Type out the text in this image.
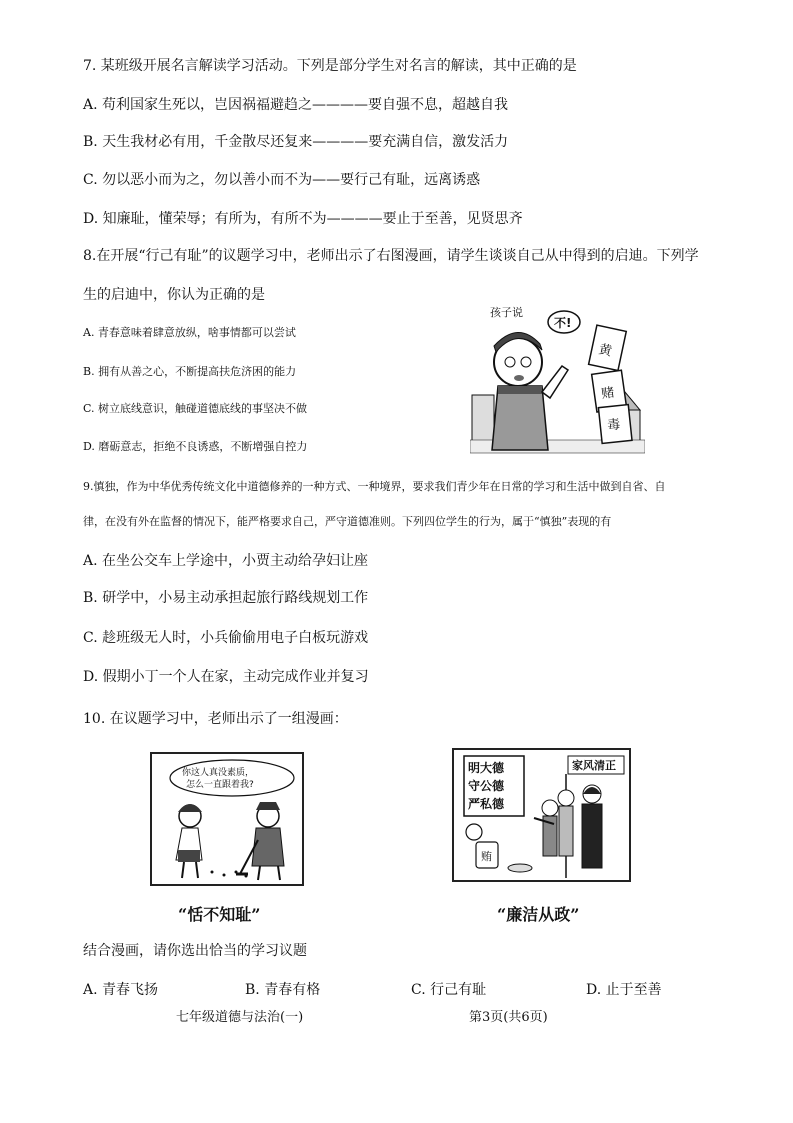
7. 某班级开展名言解读学习活动。下列是部分学生对名言的解读，其中正确的是
A. 苟利国家生死以，岂因祸福避趋之————要自强不息，超越自我
B. 天生我材必有用，千金散尽还复来————要充满自信，激发活力
C. 勿以恶小而为之，勿以善小而不为——要行己有耻，远离诱惑
D. 知廉耻，懂荣辱；有所为，有所不为————要止于至善，见贤思齐
8.在开展“行己有耻”的议题学习中，老师出示了右图漫画，请学生谈谈自己从中得到的启迪。下列学
生的启迪中，你认为正确的是
A. 青春意味着肆意放纵，啥事情都可以尝试
B. 拥有从善之心，不断提高扶危济困的能力
C. 树立底线意识，触碰道德底线的事坚决不做
D. 磨砺意志，拒绝不良诱惑，不断增强自控力
孩子说
不!
黄
赌
毒
9.慎独，作为中华优秀传统文化中道德修养的一种方式、一种境界，要求我们青少年在日常的学习和生活中做到自省、自
律，在没有外在监督的情况下，能严格要求自己，严守道德准则。下列四位学生的行为，属于“慎独”表现的有
A. 在坐公交车上学途中，小贾主动给孕妇让座
B. 研学中，小易主动承担起旅行路线规划工作
C. 趁班级无人时，小兵偷偷用电子白板玩游戏
D. 假期小丁一个人在家，主动完成作业并复习
10. 在议题学习中，老师出示了一组漫画：
你这人真没素质，
怎么一直跟着我?
“恬不知耻”
明大德
守公德
严私德
家风清正
贿
“廉洁从政”
结合漫画，请你选出恰当的学习议题
A. 青春飞扬	B. 青春有格	C. 行己有耻	D. 止于至善
七年级道德与法治(一)	第3页(共6页)
